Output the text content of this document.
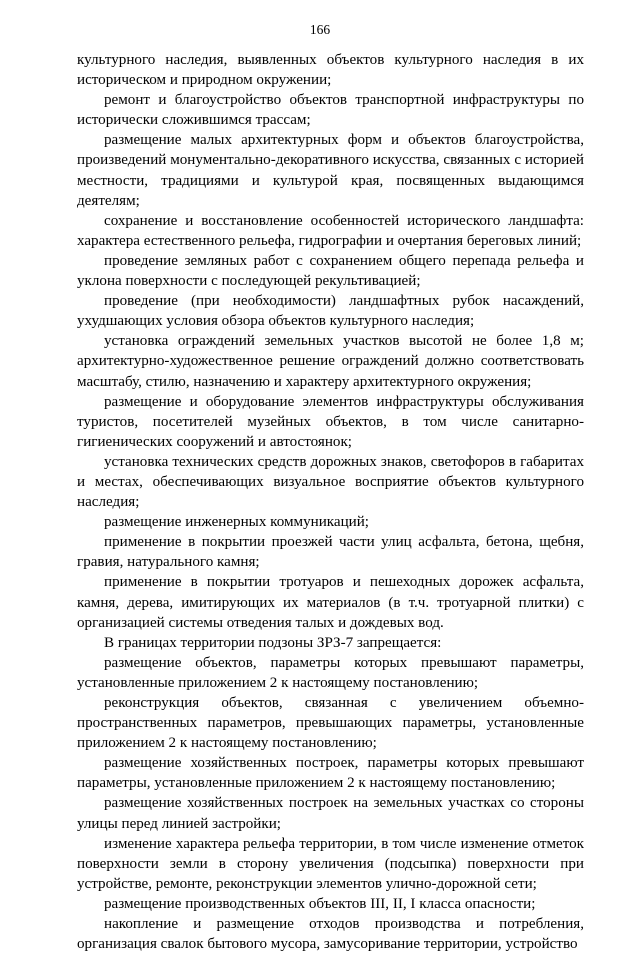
166

культурного наследия, выявленных объектов культурного наследия в их историческом и природном окружении;

ремонт и благоустройство объектов транспортной инфраструктуры по исторически сложившимся трассам;

размещение малых архитектурных форм и объектов благоустройства, произведений монументально-декоративного искусства, связанных с историей местности, традициями и культурой края, посвященных выдающимся деятелям;

сохранение и восстановление особенностей исторического ландшафта: характера естественного рельефа, гидрографии и очертания береговых линий;

проведение земляных работ с сохранением общего перепада рельефа и уклона поверхности с последующей рекультивацией;

проведение (при необходимости) ландшафтных рубок насаждений, ухудшающих условия обзора объектов культурного наследия;

установка ограждений земельных участков высотой не более 1,8 м; архитектурно-художественное решение ограждений должно соответствовать масштабу, стилю, назначению и характеру архитектурного окружения;

размещение и оборудование элементов инфраструктуры обслуживания туристов, посетителей музейных объектов, в том числе санитарно-гигиенических сооружений и автостоянок;

установка технических средств дорожных знаков, светофоров в габаритах и местах, обеспечивающих визуальное восприятие объектов культурного наследия;

размещение инженерных коммуникаций;

применение в покрытии проезжей части улиц асфальта, бетона, щебня, гравия, натурального камня;

применение в покрытии тротуаров и пешеходных дорожек асфальта, камня, дерева, имитирующих их материалов (в т.ч. тротуарной плитки) с организацией системы отведения талых и дождевых вод.

В границах территории подзоны ЗРЗ-7 запрещается:

размещение объектов, параметры которых превышают параметры, установленные приложением 2 к настоящему постановлению;

реконструкция объектов, связанная с увеличением объемно-пространственных параметров, превышающих параметры, установленные приложением 2 к настоящему постановлению;

размещение хозяйственных построек, параметры которых превышают параметры, установленные приложением 2 к настоящему постановлению;

размещение хозяйственных построек на земельных участках со стороны улицы перед линией застройки;

изменение характера рельефа территории, в том числе изменение отметок поверхности земли в сторону увеличения (подсыпка) поверхности при устройстве, ремонте, реконструкции элементов улично-дорожной сети;

размещение производственных объектов III, II, I класса опасности;

накопление и размещение отходов производства и потребления, организация свалок бытового мусора, замусоривание территории, устройство
